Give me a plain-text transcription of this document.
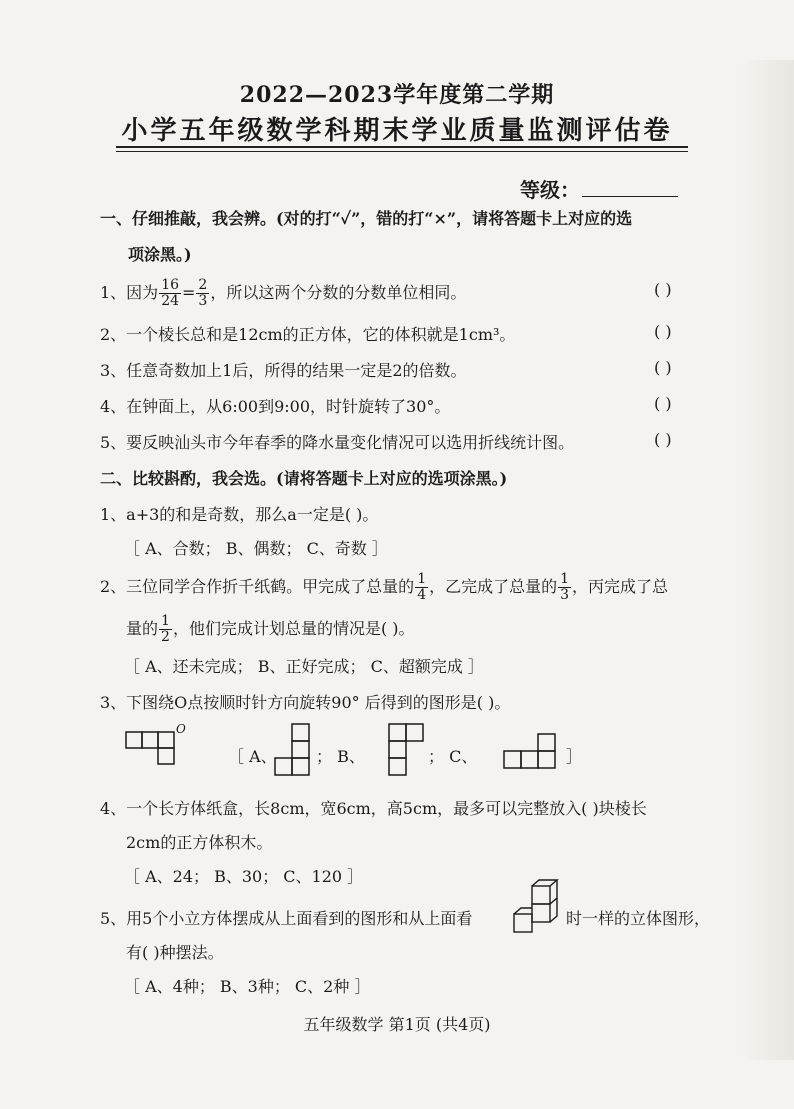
2022—2023学年度第二学期
小学五年级数学科期末学业质量监测评估卷
等级：
一、仔细推敲，我会辨。(对的打“✓”，错的打“×”，请将答题卡上对应的选
项涂黑。)
1、因为 $\frac{16}{24} = \frac{2}{3}$ ，所以这两个分数的分数单位相同。	( )
2、一个棱长总和是12cm的正方体，它的体积就是1cm³。	( )
3、任意奇数加上1后，所得的结果一定是2的倍数。	( )
4、在钟面上，从6:00到9:00，时针旋转了30°。	( )
5、要反映汕头市今年春季的降水量变化情况可以选用折线统计图。	( )
二、比较斟酌，我会选。(请将答题卡上对应的选项涂黑。)
1、a+3的和是奇数，那么a一定是( )。
［ A、合数； B、偶数； C、奇数 ］
2、三位同学合作折千纸鹤。甲完成了总量的 $\frac{1}{4}$ ，乙完成了总量的 $\frac{1}{3}$ ，丙完成了总
量的 $\frac{1}{2}$ ，他们完成计划总量的情况是( )。
［ A、还未完成； B、正好完成； C、超额完成 ］
3、下图绕O点按顺时针方向旋转90° 后得到的图形是( )。
O
［ A、 ； B、	； C、	］
4、一个长方体纸盒，长8cm，宽6cm，高5cm，最多可以完整放入( )块棱长
2cm的正方体积木。
［ A、24； B、30； C、120 ］
5、用5个小立方体摆成从上面看到的图形和从上面看	时一样的立体图形，
有( )种摆法。
［ A、4种； B、3种； C、2种 ］
五年级数学 第1页 (共4页)
